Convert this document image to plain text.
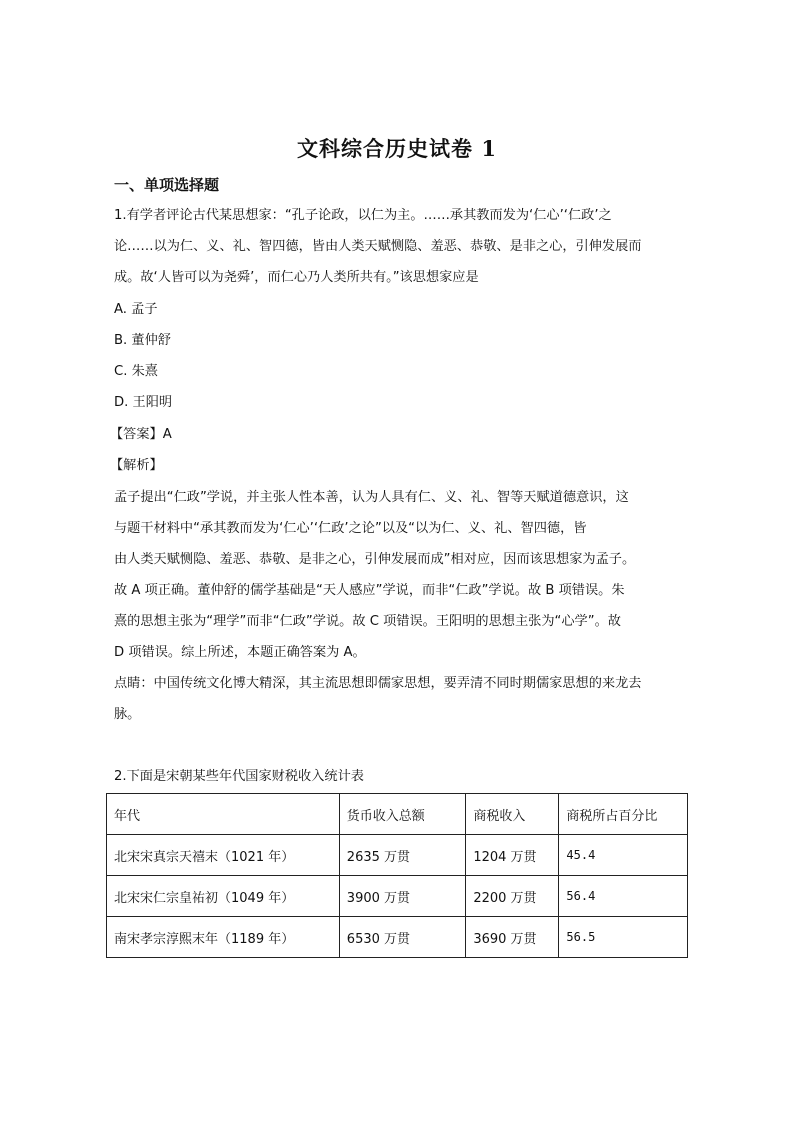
文科综合历史试卷 1
一、单项选择题
1.有学者评论古代某思想家：“孔子论政，以仁为主。……承其教而发为‘仁心’‘仁政’之
论……以为仁、义、礼、智四德，皆由人类天赋恻隐、羞恶、恭敬、是非之心，引伸发展而
成。故‘人皆可以为尧舜’，而仁心乃人类所共有。”该思想家应是
A. 孟子
B. 董仲舒
C. 朱熹
D. 王阳明
【答案】A
【解析】
孟子提出“仁政”学说，并主张人性本善，认为人具有仁、义、礼、智等天赋道德意识，这
与题干材料中“承其教而发为‘仁心’‘仁政’之论”以及“以为仁、义、礼、智四德，皆
由人类天赋恻隐、羞恶、恭敬、是非之心，引伸发展而成”相对应，因而该思想家为孟子。
故 A 项正确。董仲舒的儒学基础是“天人感应”学说，而非“仁政”学说。故 B 项错误。朱
熹的思想主张为“理学”而非“仁政”学说。故 C 项错误。王阳明的思想主张为“心学”。故
D 项错误。综上所述，本题正确答案为 A。
点睛：中国传统文化博大精深，其主流思想即儒家思想，要弄清不同时期儒家思想的来龙去
脉。
2.下面是宋朝某些年代国家财税收入统计表
年代	货币收入总额	商税收入	商税所占百分比
北宋宋真宗天禧末（1021 年）	2635 万贯	1204 万贯	45.4
北宋宋仁宗皇祐初（1049 年）	3900 万贯	2200 万贯	56.4
南宋孝宗淳熙末年（1189 年）	6530 万贯	3690 万贯	56.5
